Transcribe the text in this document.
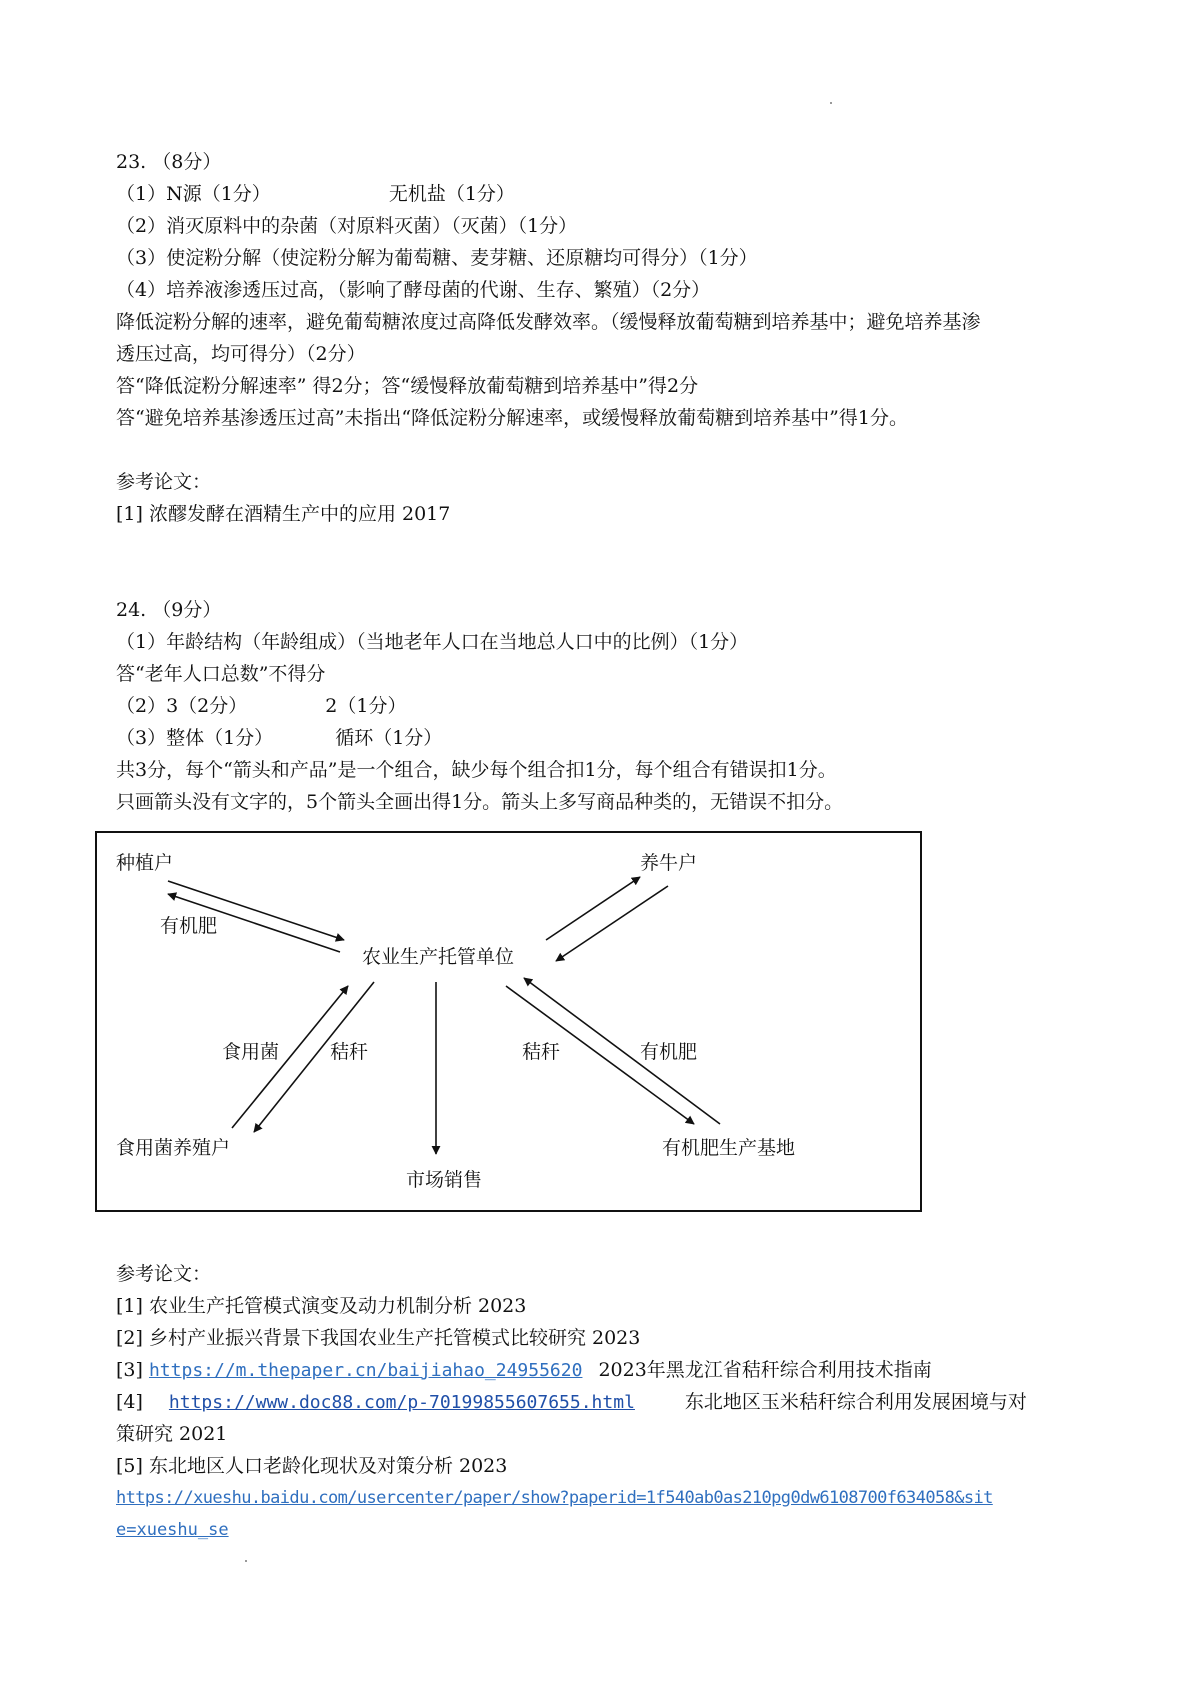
23. （8分）
（1）N源（1分）	无机盐（1分）
（2）消灭原料中的杂菌（对原料灭菌）（灭菌）（1分）
（3）使淀粉分解（使淀粉分解为葡萄糖、麦芽糖、还原糖均可得分）（1分）
（4）培养液渗透压过高，（影响了酵母菌的代谢、生存、繁殖）（2分）
降低淀粉分解的速率，避免葡萄糖浓度过高降低发酵效率。（缓慢释放葡萄糖到培养基中；避免培养基渗
透压过高，均可得分）（2分）
答“降低淀粉分解速率” 得2分；答“缓慢释放葡萄糖到培养基中”得2分
答“避免培养基渗透压过高”未指出“降低淀粉分解速率，或缓慢释放葡萄糖到培养基中”得1分。
参考论文：
[1] 浓醪发酵在酒精生产中的应用 2017
24. （9分）
（1）年龄结构（年龄组成）（当地老年人口在当地总人口中的比例）（1分）
答“老年人口总数”不得分
（2）3（2分）	2（1分）
（3）整体（1分）	循环（1分）
共3分，每个“箭头和产品”是一个组合，缺少每个组合扣1分，每个组合有错误扣1分。
只画箭头没有文字的，5个箭头全画出得1分。箭头上多写商品种类的，无错误不扣分。
种植户	养牛户
农业生产托管单位
食用菌养殖户
市场销售
有机肥生产基地
有机肥
食用菌	秸秆	秸秆	有机肥
参考论文：
[1] 农业生产托管模式演变及动力机制分析 2023
[2] 乡村产业振兴背景下我国农业生产托管模式比较研究 2023
[3] https://m.thepaper.cn/baijiahao_24955620 2023年黑龙江省秸秆综合利用技术指南
[4] https://www.doc88.com/p-70199855607655.html	东北地区玉米秸秆综合利用发展困境与对
策研究 2021
[5] 东北地区人口老龄化现状及对策分析 2023
https://xueshu.baidu.com/usercenter/paper/show?paperid=1f540ab0as210pg0dw6108700f634058&sit
e=xueshu_se
